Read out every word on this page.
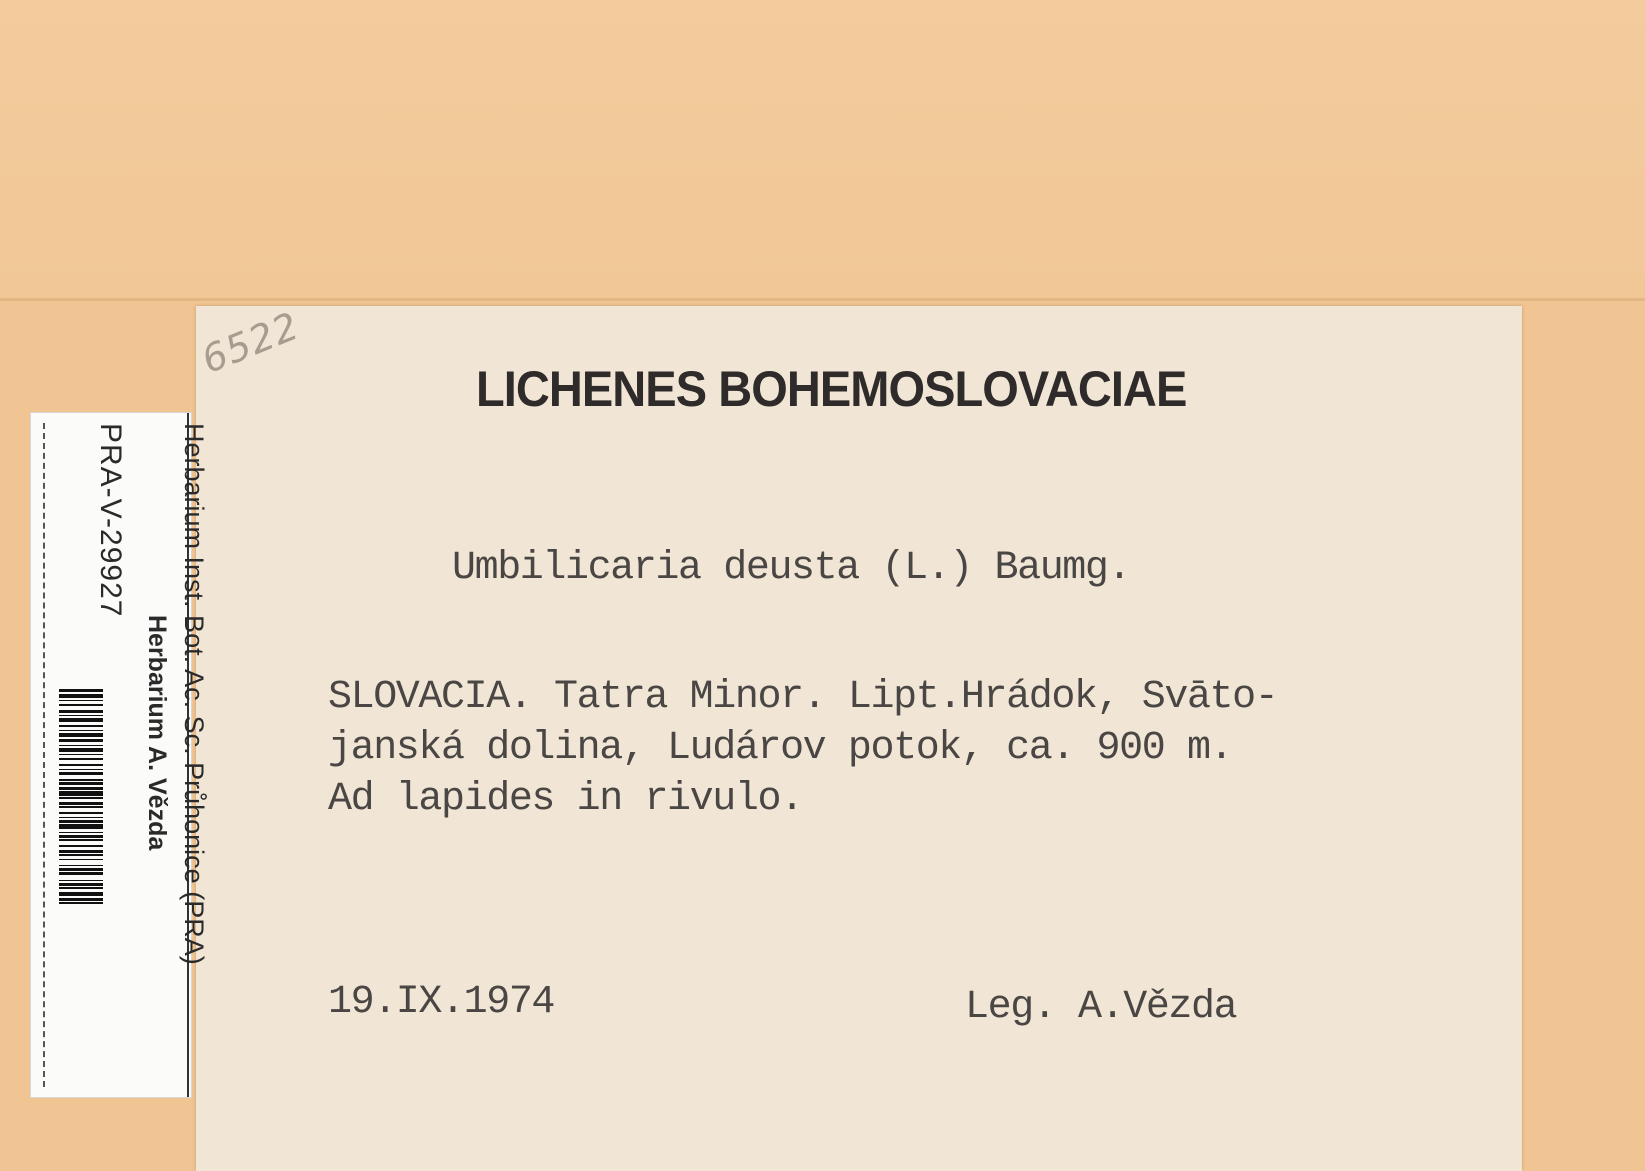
6522
LICHENES BOHEMOSLOVACIAE
Umbilicaria deusta (L.) Baumg.
SLOVACIA. Tatra Minor. Lipt.Hrádok, Svāto-
janská dolina, Ludárov potok, ca. 900 m.
Ad lapides in rivulo.
19.IX.1974	Leg. A.Vězda
Herbarium Inst. Bot. Ac. Sc. Průhonice (PRA)
Herbarium A. Vězda
PRA-V-29927
